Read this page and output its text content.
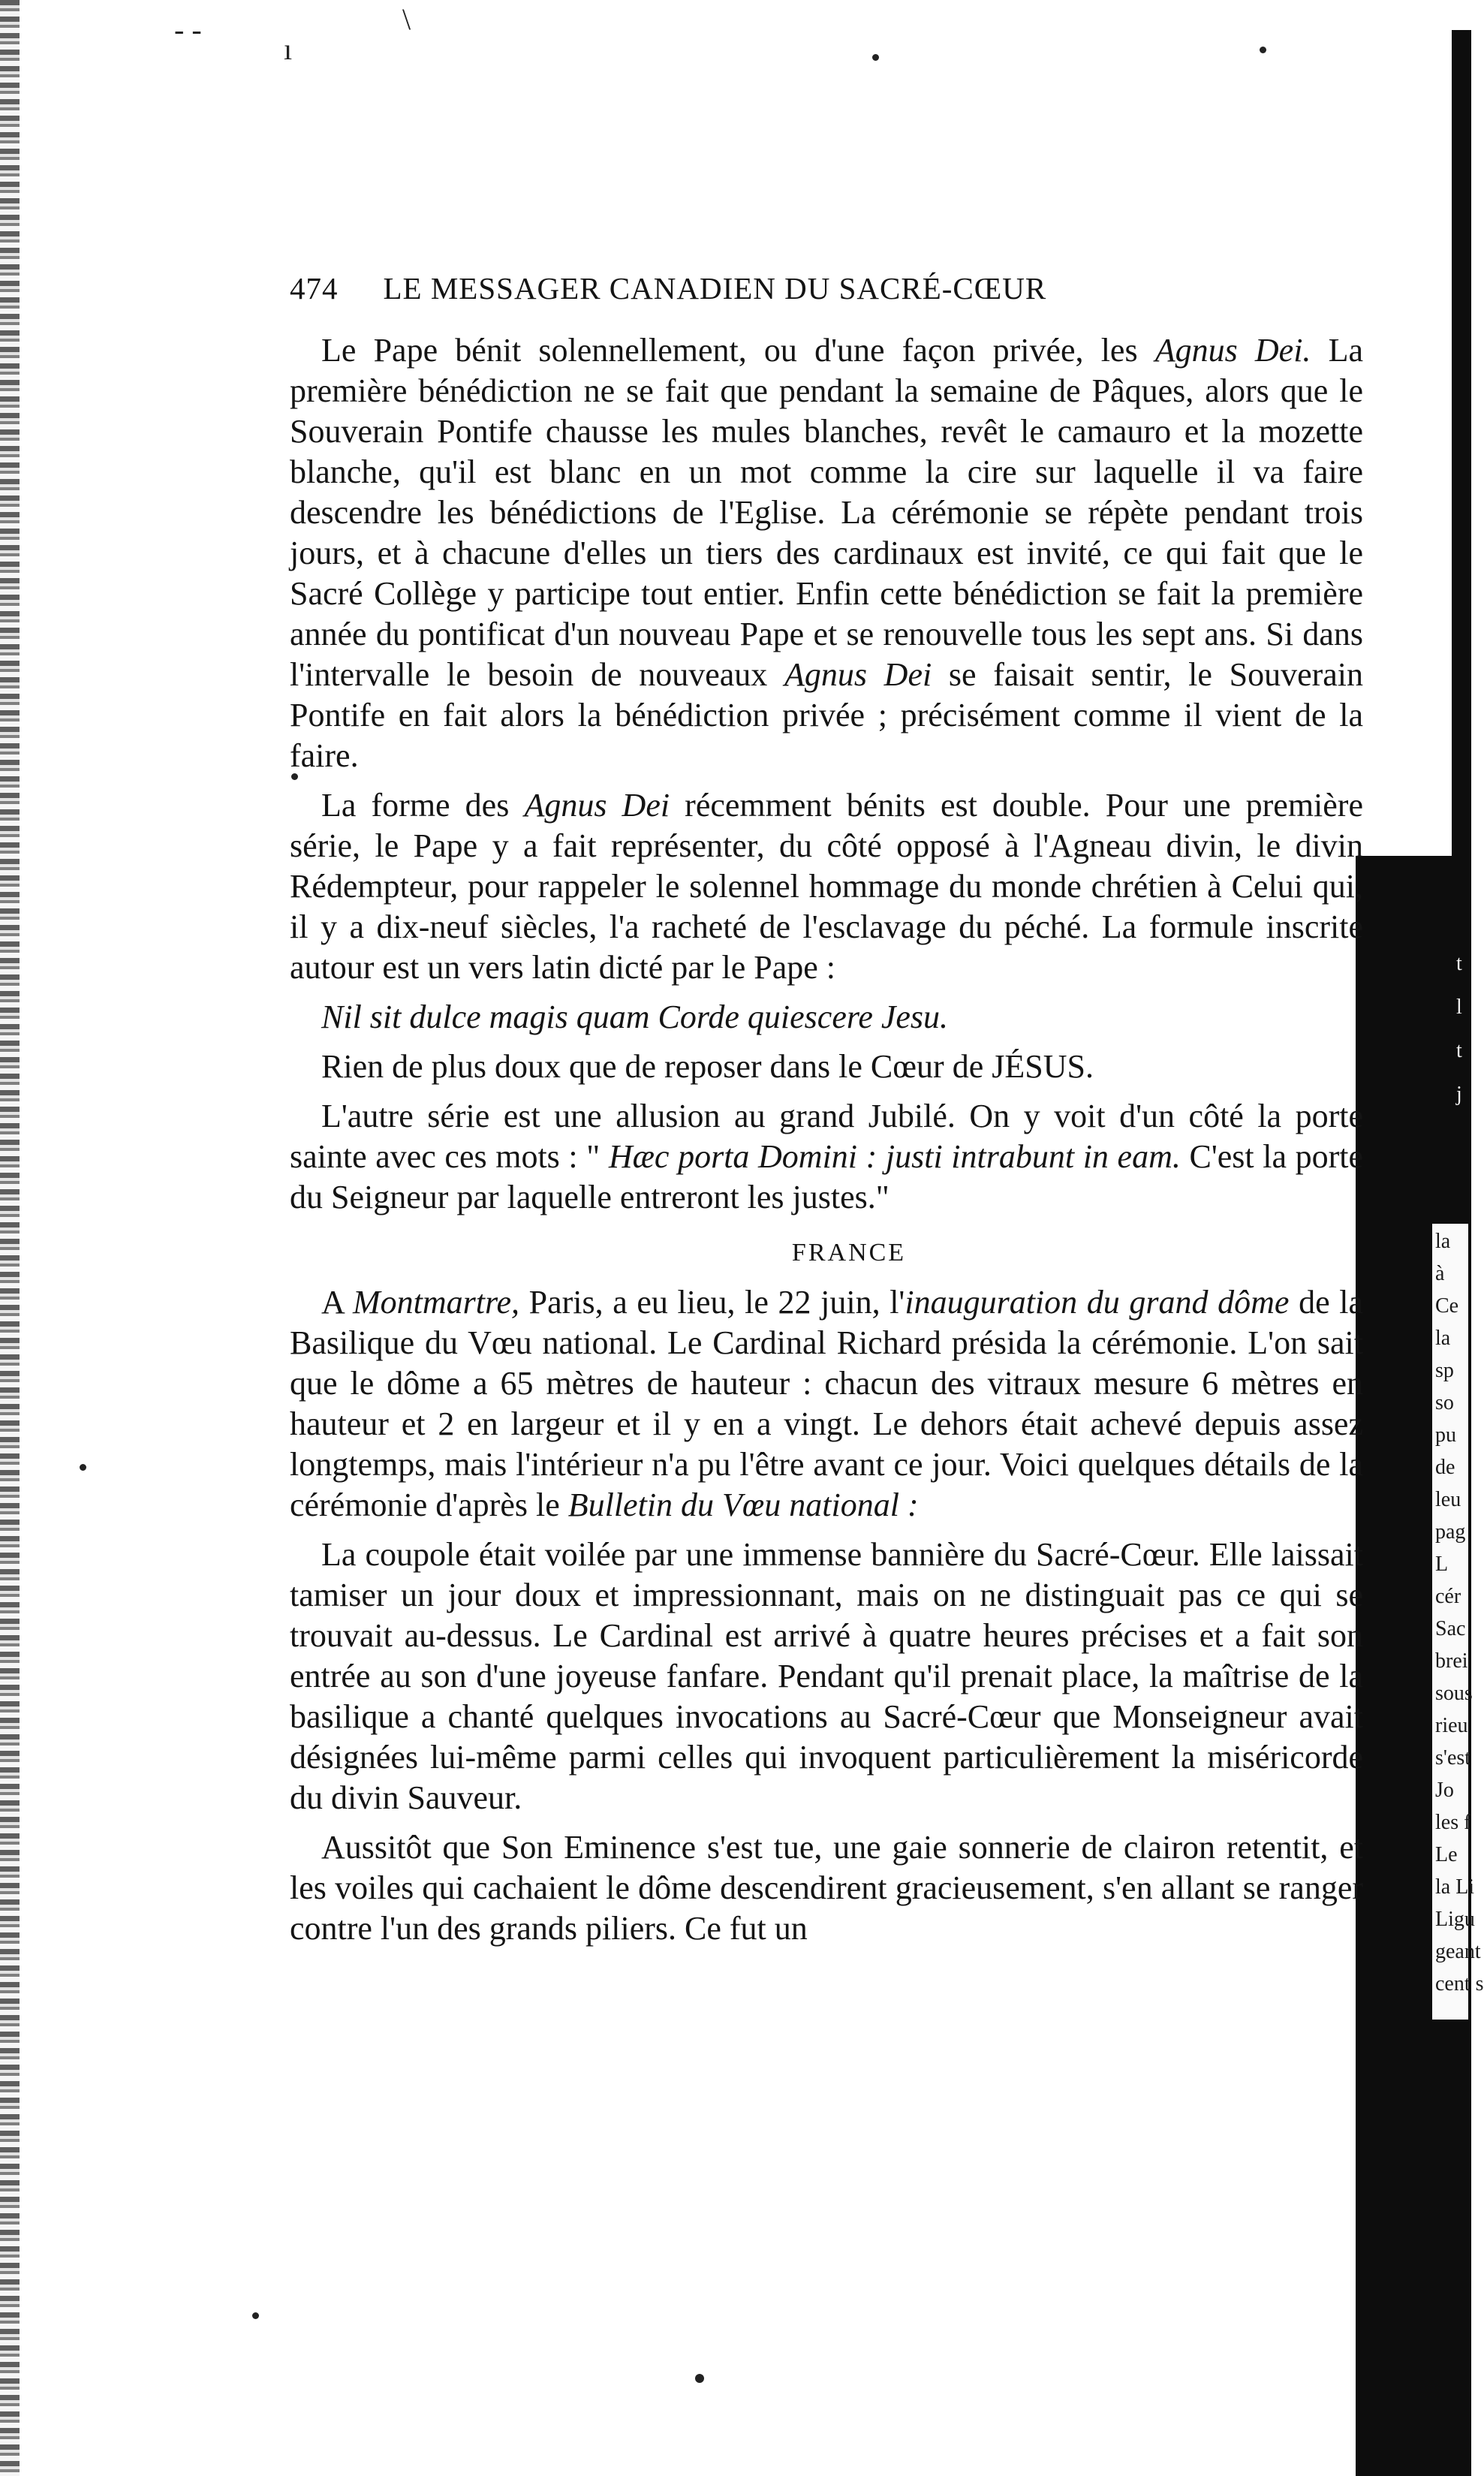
‑ ‑
ı
\
474 LE MESSAGER CANADIEN DU SACRÉ-CŒUR

Le Pape bénit solennellement, ou d'une façon privée, les Agnus Dei. La première bénédiction ne se fait que pendant la semaine de Pâques, alors que le Souverain Pontife chausse les mules blanches, revêt le camauro et la mozette blanche, qu'il est blanc en un mot comme la cire sur laquelle il va faire descendre les bénédictions de l'Eglise. La cérémonie se répète pendant trois jours, et à chacune d'elles un tiers des cardinaux est invité, ce qui fait que le Sacré Collège y participe tout entier. Enfin cette bénédiction se fait la première année du pontificat d'un nouveau Pape et se renouvelle tous les sept ans. Si dans l'intervalle le besoin de nouveaux Agnus Dei se faisait sentir, le Souverain Pontife en fait alors la bénédiction privée ; précisément comme il vient de la faire.

La forme des Agnus Dei récemment bénits est double. Pour une première série, le Pape y a fait représenter, du côté opposé à l'Agneau divin, le divin Rédempteur, pour rappeler le solennel hommage du monde chrétien à Celui qui, il y a dix-neuf siècles, l'a racheté de l'esclavage du péché. La formule inscrite autour est un vers latin dicté par le Pape :

Nil sit dulce magis quam Corde quiescere Jesu.

Rien de plus doux que de reposer dans le Cœur de JÉSUS.

L'autre série est une allusion au grand Jubilé. On y voit d'un côté la porte sainte avec ces mots : " Hæc porta Domini : justi intrabunt in eam. C'est la porte du Seigneur par laquelle entreront les justes."

FRANCE

A Montmartre, Paris, a eu lieu, le 22 juin, l'inauguration du grand dôme de la Basilique du Vœu national. Le Cardinal Richard présida la cérémonie. L'on sait que le dôme a 65 mètres de hauteur : chacun des vitraux mesure 6 mètres en hauteur et 2 en largeur et il y en a vingt. Le dehors était achevé depuis assez longtemps, mais l'intérieur n'a pu l'être avant ce jour. Voici quelques détails de la cérémonie d'après le Bulletin du Vœu national :

La coupole était voilée par une immense bannière du Sacré-Cœur. Elle laissait tamiser un jour doux et impressionnant, mais on ne distinguait pas ce qui se trouvait au-dessus. Le Cardinal est arrivé à quatre heures précises et a fait son entrée au son d'une joyeuse fanfare. Pendant qu'il prenait place, la maîtrise de la basilique a chanté quelques invocations au Sacré-Cœur que Monseigneur avait désignées lui-même parmi celles qui invoquent particulièrement la miséricorde du divin Sauveur.

Aussitôt que Son Eminence s'est tue, une gaie sonnerie de clairon retentit, et les voiles qui cachaient le dôme descendirent gracieusement, s'en allant se ranger contre l'un des grands piliers. Ce fut un

la
à
Ce
la
sp
so
pu
de
leu
pag
L
cér
Sac
brei
sous
rieu
s'est
Jo
les f
Le
la Li
Ligu
geant
cent s
t
l
t
j
